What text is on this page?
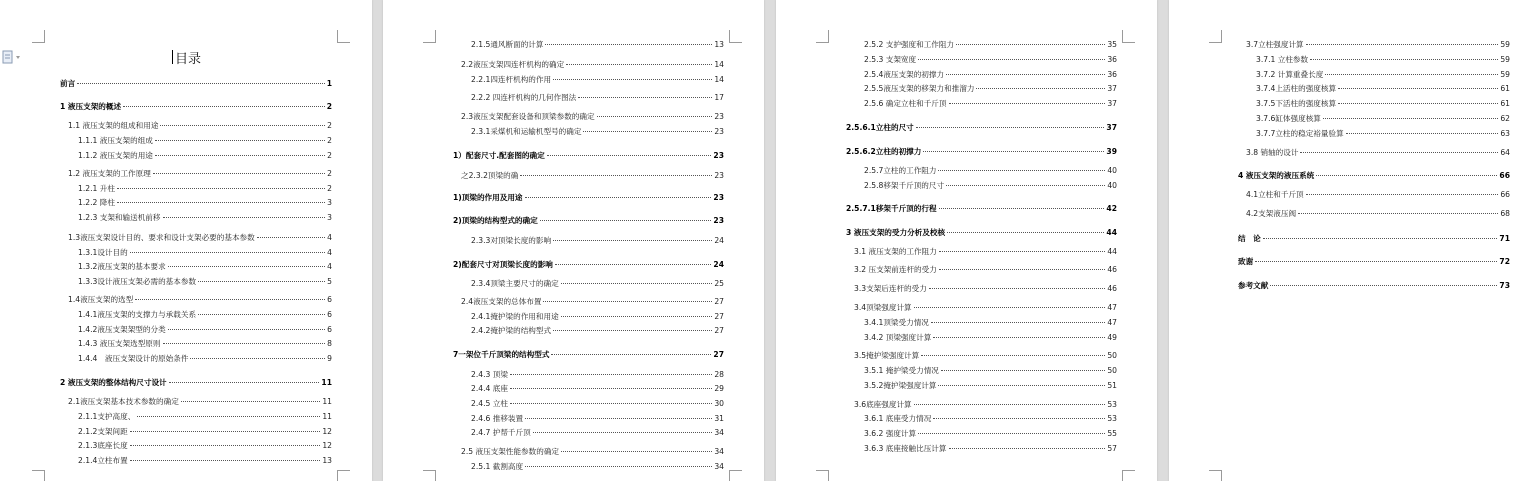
目录
前言	1
1 液压支架的概述	2
1.1 液压支架的组成和用途	2
1.1.1 液压支架的组成	2
1.1.2 液压支架的用途	2
1.2 液压支架的工作原理	2
1.2.1 升柱	2
1.2.2 降柱	3
1.2.3 支架和输送机前移	3
1.3液压支架设计目的、要求和设计支架必要的基本参数	4
1.3.1设计目的	4
1.3.2液压支架的基本要求	4
1.3.3设计液压支架必需的基本参数	5
1.4液压支架的选型	6
1.4.1液压支架的支撑力与承载关系	6
1.4.2液压支架架型的分类	6
1.4.3 液压支架选型原则	8
1.4.4　液压支架设计的原始条件	9
2 液压支架的整体结构尺寸设计	11
2.1液压支架基本技术参数的确定	11
2.1.1支护高度、	11
2.1.2支架间距	12
2.1.3底座长度	12
2.1.4立柱布置	13
2.1.5通风断面的计算	13
2.2液压支架四连杆机构的确定	14
2.2.1四连杆机构的作用	14
2.2.2 四连杆机构的几何作图法	17
2.3液压支架配套设备和顶梁参数的确定	23
2.3.1采煤机和运输机型号的确定	23
1）配套尺寸.配套图的确定	23
之2.3.2顶梁的确	23
1)顶梁的作用及用途	23
2)顶梁的结构型式的确定	23
2.3.3对顶梁长度的影响	24
2)配套尺寸对顶梁长度的影响	24
2.3.4顶梁主要尺寸的确定	25
2.4液压支架的总体布置	27
2.4.1掩护梁的作用和用途	27
2.4.2掩护梁的结构型式	27
7一架位千斤顶梁的结构型式	27
2.4.3 顶梁	28
2.4.4 底座	29
2.4.5 立柱	30
2.4.6 推移装置	31
2.4.7 护帮千斤顶	34
2.5 液压支架性能参数的确定	34
2.5.1 截割高度	34
2.5.2 支护强度和工作阻力	35
2.5.3 支架宽度	36
2.5.4液压支架的初撑力	36
2.5.5液压支架的移架力和推溜力	37
2.5.6 确定立柱和千斤顶	37
2.5.6.1立柱的尺寸	37
2.5.6.2立柱的初撑力	39
2.5.7立柱的工作阻力	40
2.5.8移架千斤顶的尺寸	40
2.5.7.1移架千斤顶的行程	42
3 液压支架的受力分析及校核	44
3.1 液压支架的工作阻力	44
3.2 压支架前连杆的受力	46
3.3支架后连杆的受力	46
3.4顶梁强度计算	47
3.4.1顶梁受力情况	47
3.4.2 顶梁强度计算	49
3.5掩护梁强度计算	50
3.5.1 掩护梁受力情况	50
3.5.2掩护梁强度计算	51
3.6底座强度计算	53
3.6.1 底座受力情况	53
3.6.2 强度计算	55
3.6.3 底座接触比压计算	57
3.7立柱强度计算	59
3.7.1 立柱参数	59
3.7.2 计算重叠长度	59
3.7.4上活柱的强度核算	61
3.7.5下活柱的强度核算	61
3.7.6缸体强度核算	62
3.7.7立柱的稳定裕量验算	63
3.8 销轴的设计	64
4 液压支架的液压系统	66
4.1立柱和千斤顶	66
4.2支架液压阀	68
结　论	71
致谢	72
参考文献	73
